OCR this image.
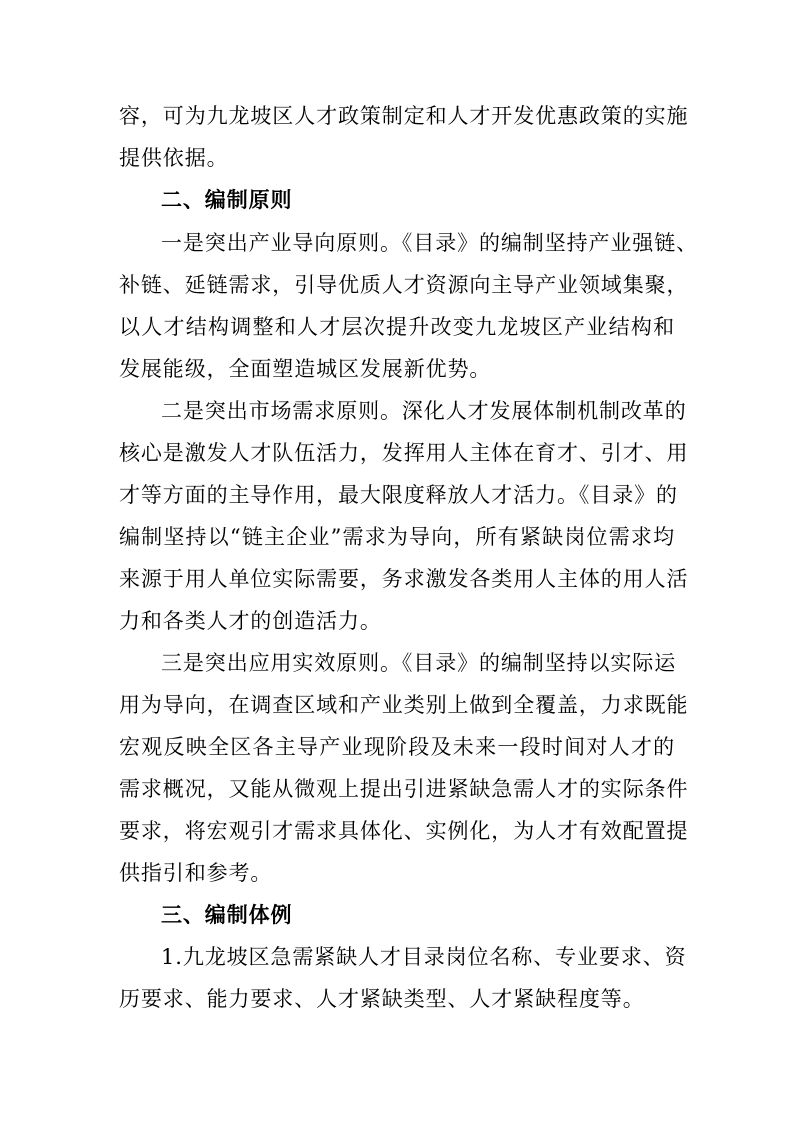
容，可为九龙坡区人才政策制定和人才开发优惠政策的实施
提供依据。
二、编制原则
一是突出产业导向原则。《目录》的编制坚持产业强链、
补链、延链需求，引导优质人才资源向主导产业领域集聚，
以人才结构调整和人才层次提升改变九龙坡区产业结构和
发展能级，全面塑造城区发展新优势。
二是突出市场需求原则。深化人才发展体制机制改革的
核心是激发人才队伍活力，发挥用人主体在育才、引才、用
才等方面的主导作用，最大限度释放人才活力。《目录》的
编制坚持以“链主企业”需求为导向，所有紧缺岗位需求均
来源于用人单位实际需要，务求激发各类用人主体的用人活
力和各类人才的创造活力。
三是突出应用实效原则。《目录》的编制坚持以实际运
用为导向，在调查区域和产业类别上做到全覆盖，力求既能
宏观反映全区各主导产业现阶段及未来一段时间对人才的
需求概况，又能从微观上提出引进紧缺急需人才的实际条件
要求，将宏观引才需求具体化、实例化，为人才有效配置提
供指引和参考。
三、编制体例
1.九龙坡区急需紧缺人才目录岗位名称、专业要求、资
历要求、能力要求、人才紧缺类型、人才紧缺程度等。
